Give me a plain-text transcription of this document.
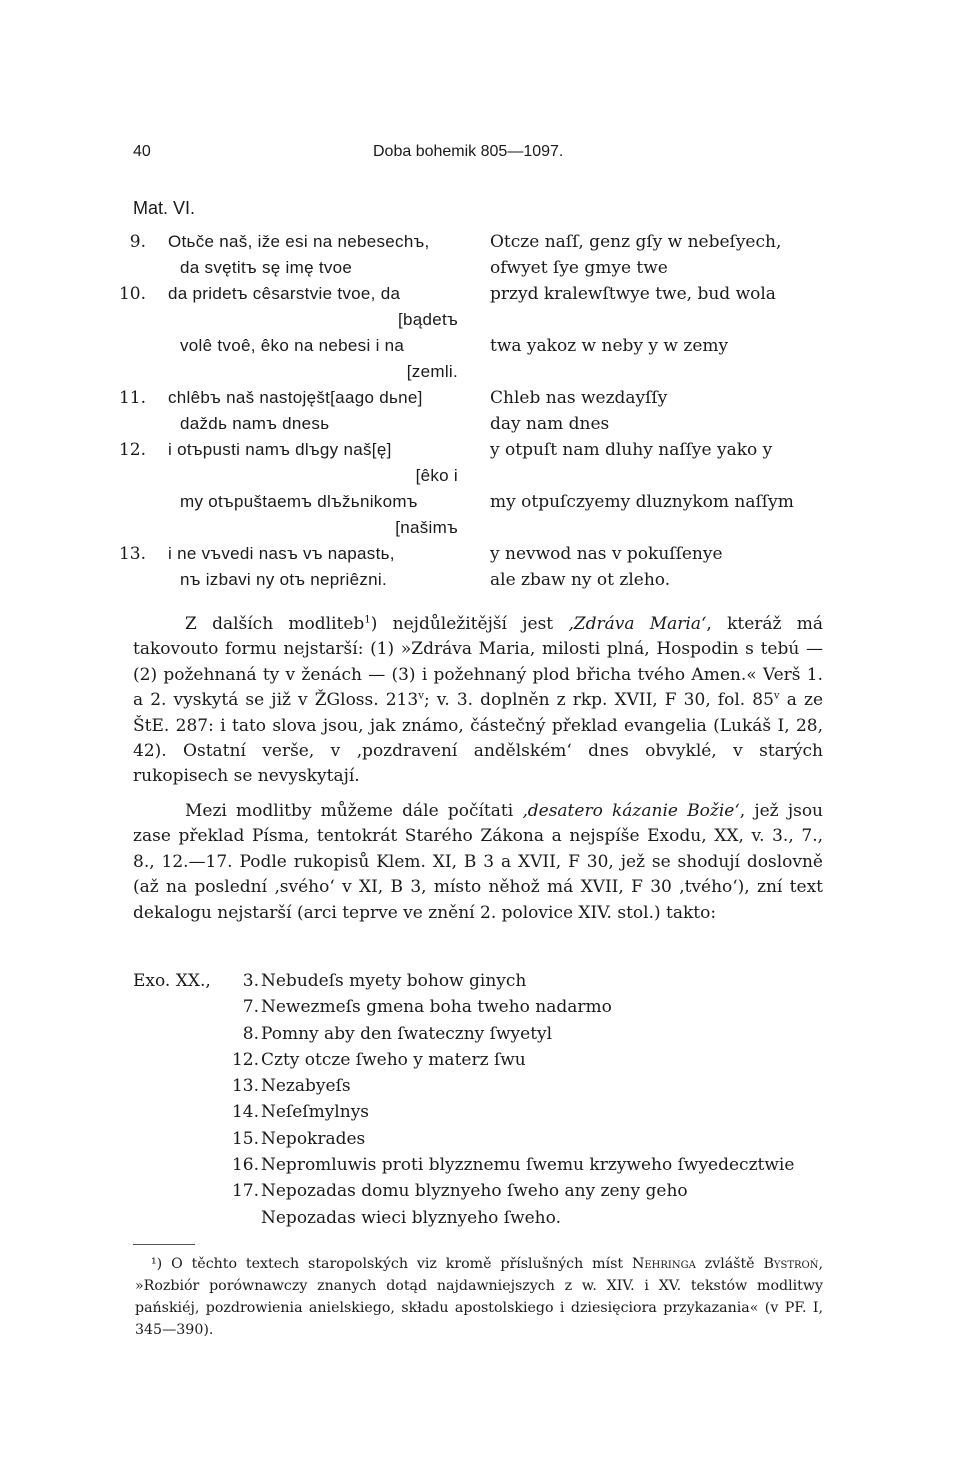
40	Doba bohemik 805—1097.
Mat. VI.
9. Otьče naš, iže esi na nebesechъ,	Otcze naſſ, genz gſy w nebeſyech,
da svętitъ sę imę tvoe	ofwyet ſye gmye twe
10. da pridetъ cêsarstvie tvoe, da	przyd kralewſtwye twe, bud wola
[bądetъ
volê tvoê, êko na nebesi i na	twa yakoz w neby y w zemy
[zemli.
11. chlêbъ naš nastojęšt[aago dьne]	Chleb nas wezdayſſy
daždь namъ dnesь	day nam dnes
12. i otъpusti namъ dlъgy naš[ę]	y otpuſt nam dluhy naſſye yako y
[êko i
my otъpuštaemъ dlъžьnikomъ	my otpuſczyemy dluznykom naſſym
[našimъ
13. i ne vъvedi nasъ vъ napastь,	y nevwod nas v pokuſſenye
nъ izbavi ny otъ nepriêzni.	ale zbaw ny ot zleho.

Z dalších modliteb$^1$) nejdůležitější jest ‚Zdráva Maria‘, kteráž má takovouto formu nejstarší: (1) »Zdráva Maria, milosti plná, Hospodin s tebú — (2) požehnaná ty v ženách — (3) i požehnaný plod břicha tvého Amen.« Verš 1. a 2. vyskytá se již v ŽGloss. 213$^v$; v. 3. doplněn z rkp. XVII, F 30, fol. 85$^v$ a ze ŠtE. 287: i tato slova jsou, jak známo, částečný překlad evangelia (Lukáš I, 28, 42). Ostatní verše, v ‚pozdravení andělském‘ dnes obvyklé, v starých rukopisech se nevyskytají.

Mezi modlitby můžeme dále počítati ‚desatero kázanie Božie‘, jež jsou zase překlad Písma, tentokrát Starého Zákona a nejspíše Exodu, XX, v. 3., 7., 8., 12.—17. Podle rukopisů Klem. XI, B 3 a XVII, F 30, jež se shodují doslovně (až na poslední ‚svého‘ v XI, B 3, místo něhož má XVII, F 30 ‚tvého‘), zní text dekalogu nejstarší (arci teprve ve znění 2. polovice XIV. stol.) takto:

Exo. XX., 3. Nebudeſs myety bohow ginych
7. Newezmeſs gmena boha tweho nadarmo
8. Pomny aby den ſwateczny ſwyetyl
12. Czty otcze ſweho y materz ſwu
13. Nezabyeſs
14. Neſeſmylnys
15. Nepokrades
16. Nepromluwis proti blyzznemu ſwemu krzyweho ſwyedecztwie
17. Nepozadas domu blyznyeho ſweho any zeny geho
Nepozadas wieci blyznyeho ſweho.

¹) O těchto textech staropolských viz kromě příslušných míst Nehringa zvláště Bystroń, »Rozbiór porównawczy znanych dotąd najdawniejszych z w. XIV. i XV. tekstów modlitwy pańskiéj, pozdrowienia anielskiego, składu apostolskiego i dziesięciora przykazania« (v PF. I, 345—390).
